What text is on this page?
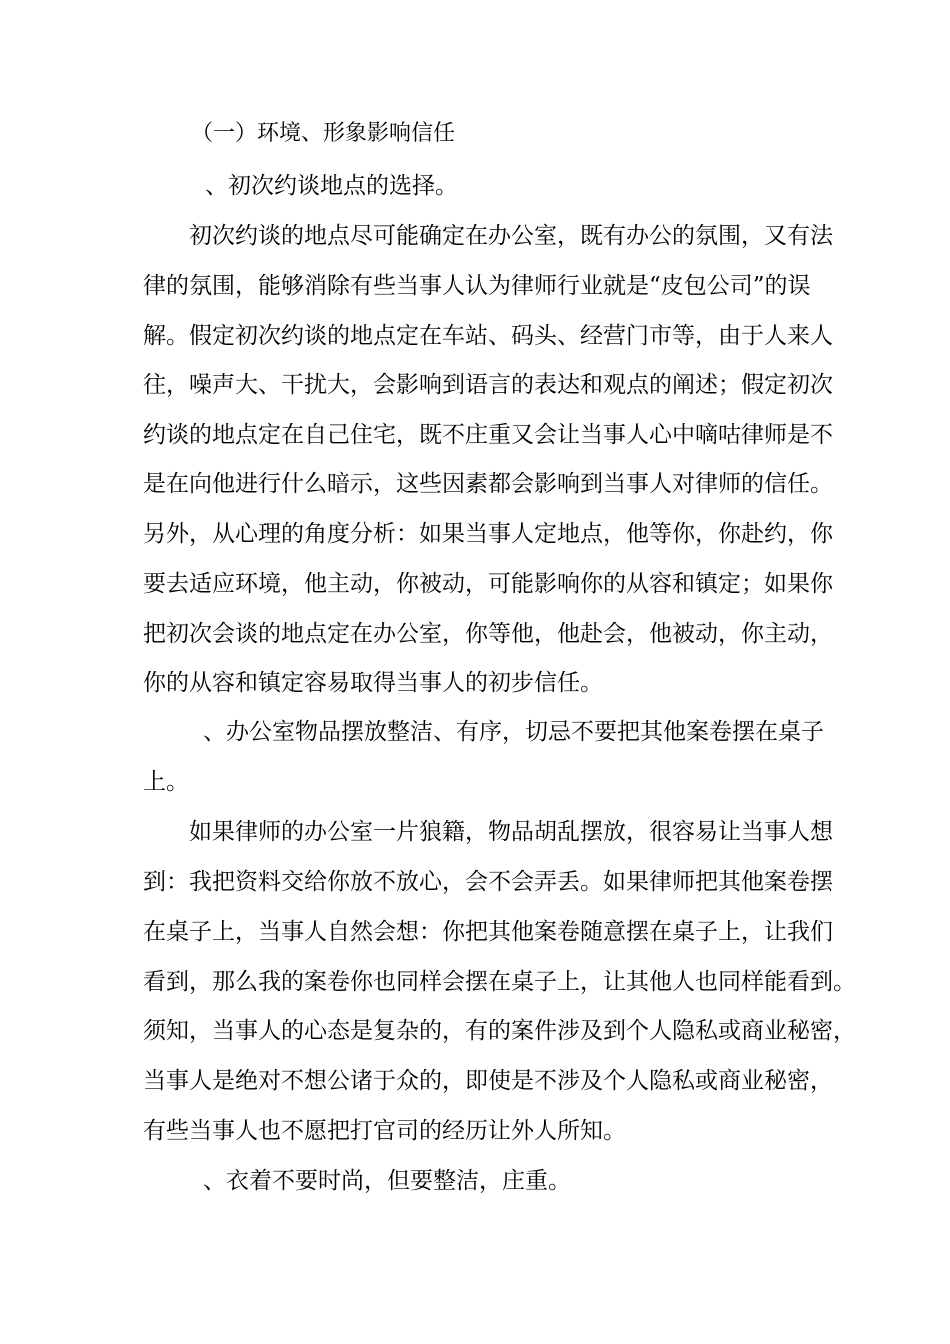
（一）环境、形象影响信任
、初次约谈地点的选择。
初次约谈的地点尽可能确定在办公室，既有办公的氛围，又有法
律的氛围，能够消除有些当事人认为律师行业就是“皮包公司”的误
解。假定初次约谈的地点定在车站、码头、经营门市等，由于人来人
往，噪声大、干扰大，会影响到语言的表达和观点的阐述；假定初次
约谈的地点定在自己住宅，既不庄重又会让当事人心中嘀咕律师是不
是在向他进行什么暗示，这些因素都会影响到当事人对律师的信任。
另外，从心理的角度分析：如果当事人定地点，他等你，你赴约，你
要去适应环境，他主动，你被动，可能影响你的从容和镇定；如果你
把初次会谈的地点定在办公室，你等他，他赴会，他被动，你主动，
你的从容和镇定容易取得当事人的初步信任。
、办公室物品摆放整洁、有序，切忌不要把其他案卷摆在桌子
上。
如果律师的办公室一片狼籍，物品胡乱摆放，很容易让当事人想
到：我把资料交给你放不放心，会不会弄丢。如果律师把其他案卷摆
在桌子上，当事人自然会想：你把其他案卷随意摆在桌子上，让我们
看到，那么我的案卷你也同样会摆在桌子上，让其他人也同样能看到。
须知，当事人的心态是复杂的，有的案件涉及到个人隐私或商业秘密，
当事人是绝对不想公诸于众的，即使是不涉及个人隐私或商业秘密，
有些当事人也不愿把打官司的经历让外人所知。
、衣着不要时尚，但要整洁，庄重。
